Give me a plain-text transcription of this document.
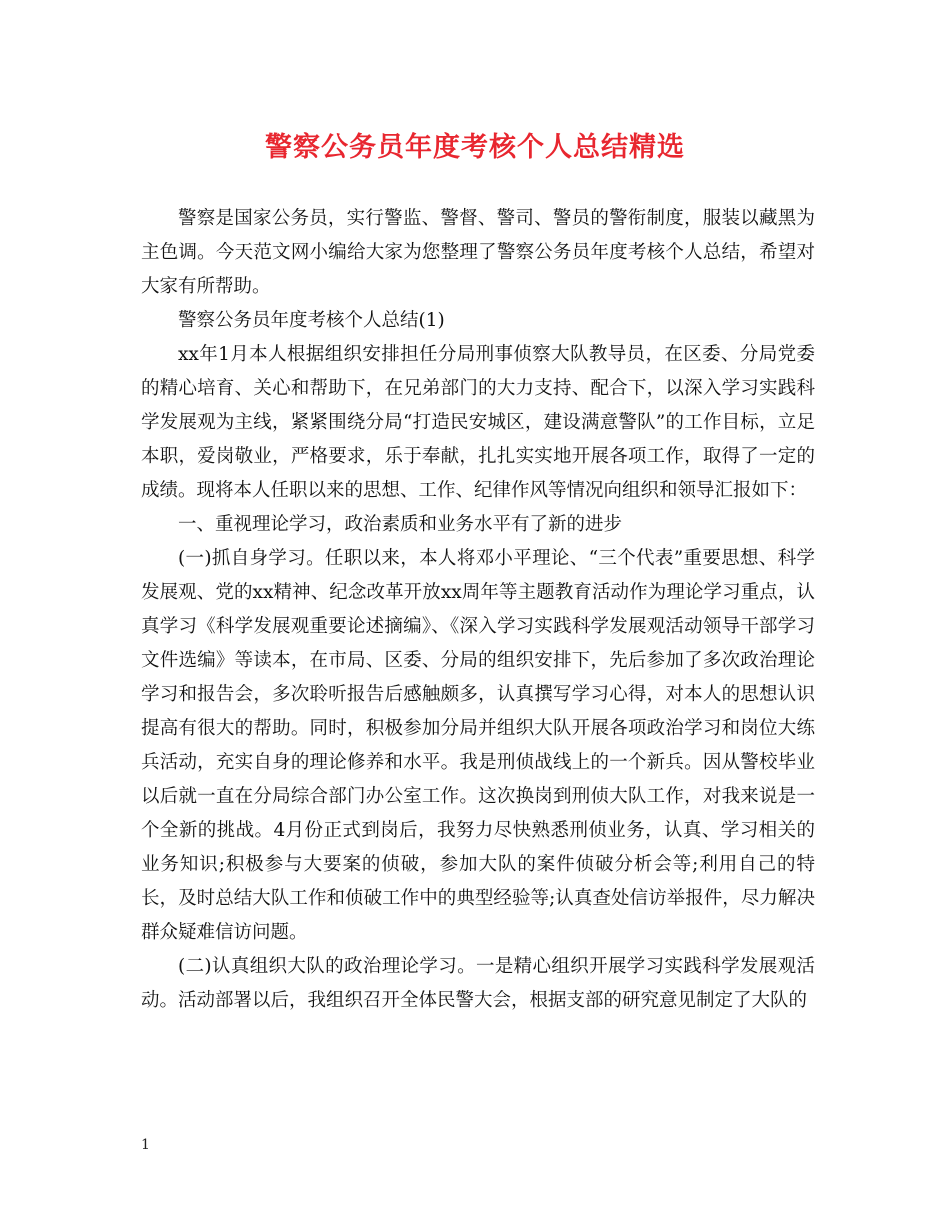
警察公务员年度考核个人总结精选

警察是国家公务员，实行警监、警督、警司、警员的警衔制度，服装以藏黑为主色调。今天范文网小编给大家为您整理了警察公务员年度考核个人总结，希望对大家有所帮助。

警察公务员年度考核个人总结(1)

xx年1月本人根据组织安排担任分局刑事侦察大队教导员，在区委、分局党委的精心培育、关心和帮助下，在兄弟部门的大力支持、配合下，以深入学习实践科学发展观为主线，紧紧围绕分局“打造民安城区，建设满意警队”的工作目标，立足本职，爱岗敬业，严格要求，乐于奉献，扎扎实实地开展各项工作，取得了一定的成绩。现将本人任职以来的思想、工作、纪律作风等情况向组织和领导汇报如下：

一、重视理论学习，政治素质和业务水平有了新的进步

(一)抓自身学习。任职以来，本人将邓小平理论、“三个代表”重要思想、科学发展观、党的xx精神、纪念改革开放xx周年等主题教育活动作为理论学习重点，认真学习《科学发展观重要论述摘编》、《深入学习实践科学发展观活动领导干部学习文件选编》等读本，在市局、区委、分局的组织安排下，先后参加了多次政治理论学习和报告会，多次聆听报告后感触颇多，认真撰写学习心得，对本人的思想认识提高有很大的帮助。同时，积极参加分局并组织大队开展各项政治学习和岗位大练兵活动，充实自身的理论修养和水平。我是刑侦战线上的一个新兵。因从警校毕业以后就一直在分局综合部门办公室工作。这次换岗到刑侦大队工作，对我来说是一个全新的挑战。4月份正式到岗后，我努力尽快熟悉刑侦业务，认真、学习相关的业务知识;积极参与大要案的侦破，参加大队的案件侦破分析会等;利用自己的特长，及时总结大队工作和侦破工作中的典型经验等;认真查处信访举报件，尽力解决群众疑难信访问题。

(二)认真组织大队的政治理论学习。一是精心组织开展学习实践科学发展观活动。活动部署以后，我组织召开全体民警大会，根据支部的研究意见制定了大队的

1
